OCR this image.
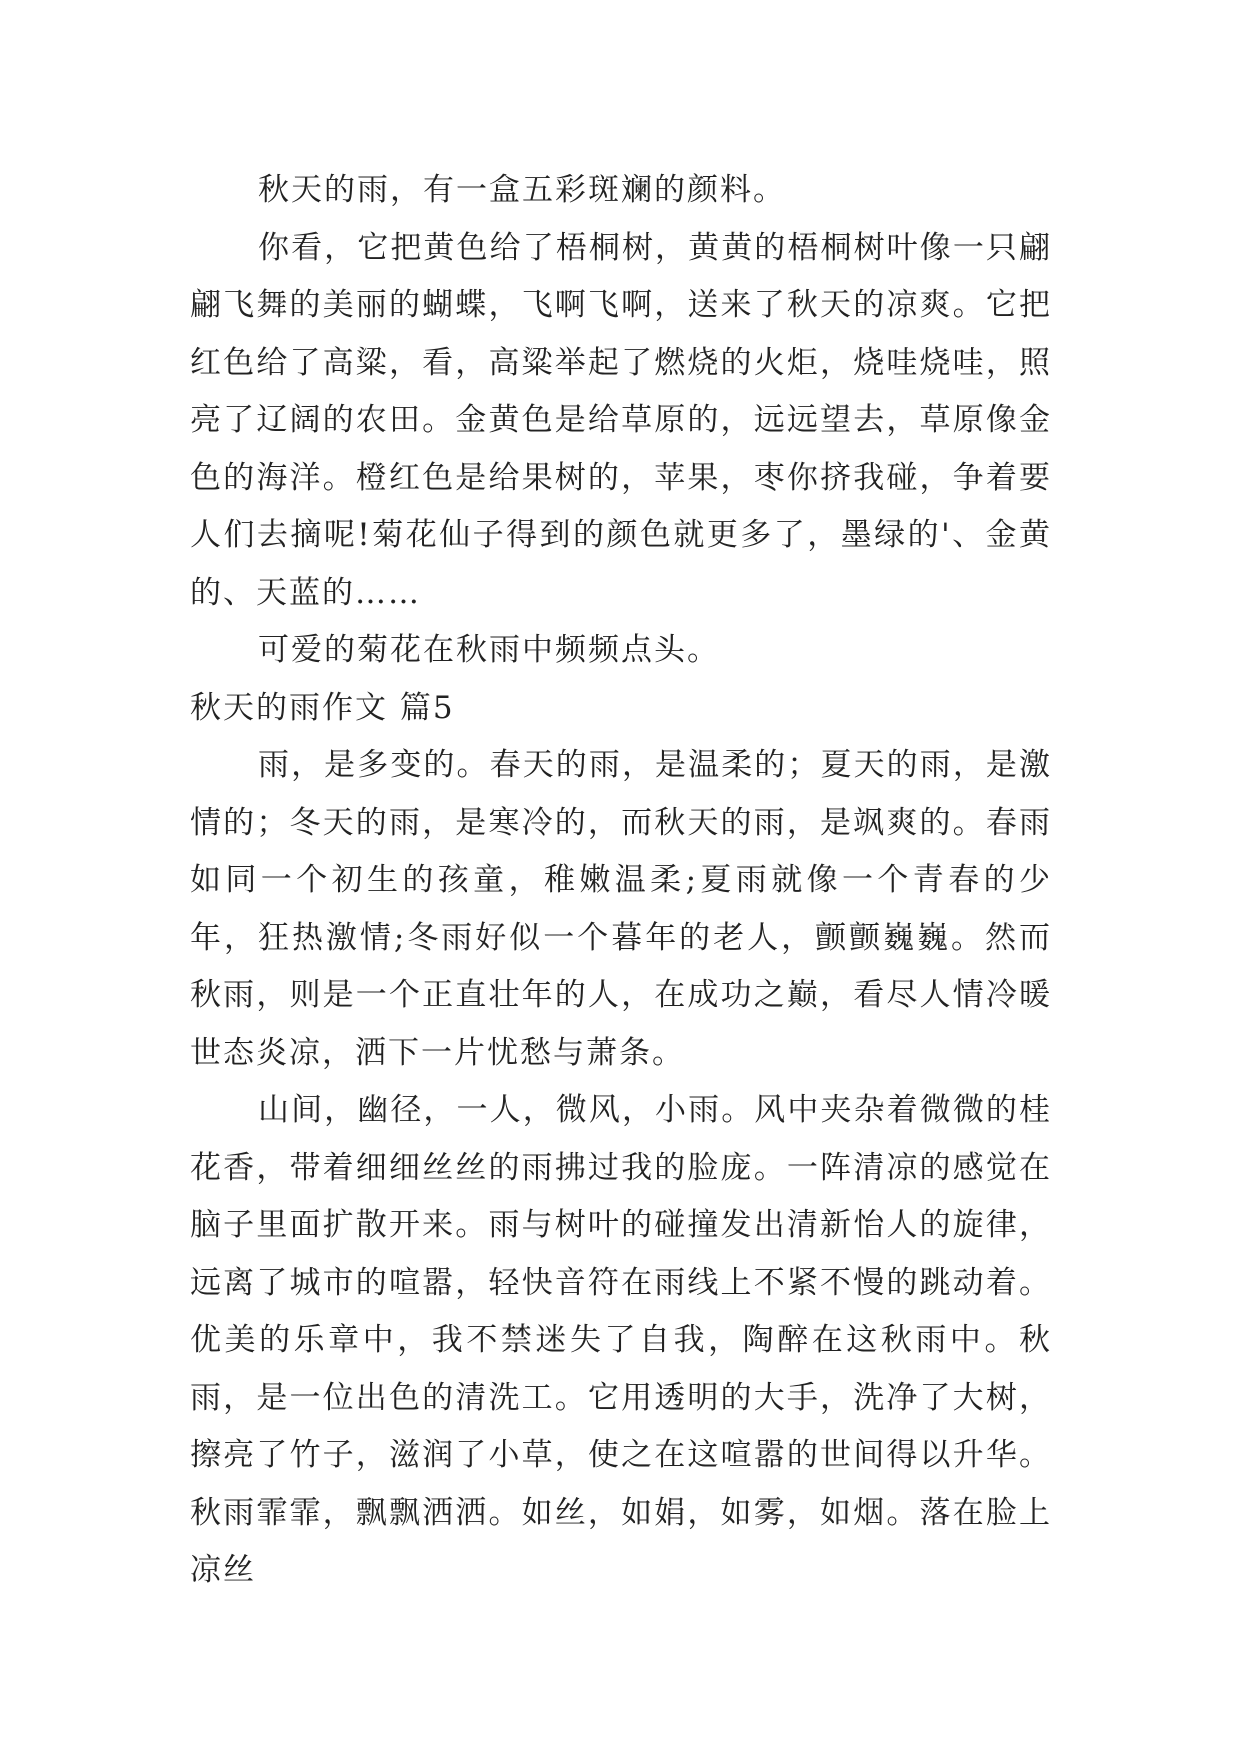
秋天的雨，有一盒五彩斑斓的颜料。

你看，它把黄色给了梧桐树，黄黄的梧桐树叶像一只翩翩飞舞的美丽的蝴蝶，飞啊飞啊，送来了秋天的凉爽。它把红色给了高粱，看，高粱举起了燃烧的火炬，烧哇烧哇，照亮了辽阔的农田。金黄色是给草原的，远远望去，草原像金色的海洋。橙红色是给果树的，苹果，枣你挤我碰，争着要人们去摘呢!菊花仙子得到的颜色就更多了，墨绿的'、金黄的、天蓝的……

可爱的菊花在秋雨中频频点头。

秋天的雨作文 篇5

雨，是多变的。春天的雨，是温柔的；夏天的雨，是激情的；冬天的雨，是寒冷的，而秋天的雨，是飒爽的。春雨如同一个初生的孩童，稚嫩温柔;夏雨就像一个青春的少年，狂热激情;冬雨好似一个暮年的老人，颤颤巍巍。然而秋雨，则是一个正直壮年的人，在成功之巅，看尽人情冷暖世态炎凉，洒下一片忧愁与萧条。

山间，幽径，一人，微风，小雨。风中夹杂着微微的桂花香，带着细细丝丝的雨拂过我的脸庞。一阵清凉的感觉在脑子里面扩散开来。雨与树叶的碰撞发出清新怡人的旋律，远离了城市的喧嚣，轻快音符在雨线上不紧不慢的跳动着。优美的乐章中，我不禁迷失了自我，陶醉在这秋雨中。秋雨，是一位出色的清洗工。它用透明的大手，洗净了大树，擦亮了竹子，滋润了小草，使之在这喧嚣的世间得以升华。秋雨霏霏，飘飘洒洒。如丝，如娟，如雾，如烟。落在脸上凉丝
